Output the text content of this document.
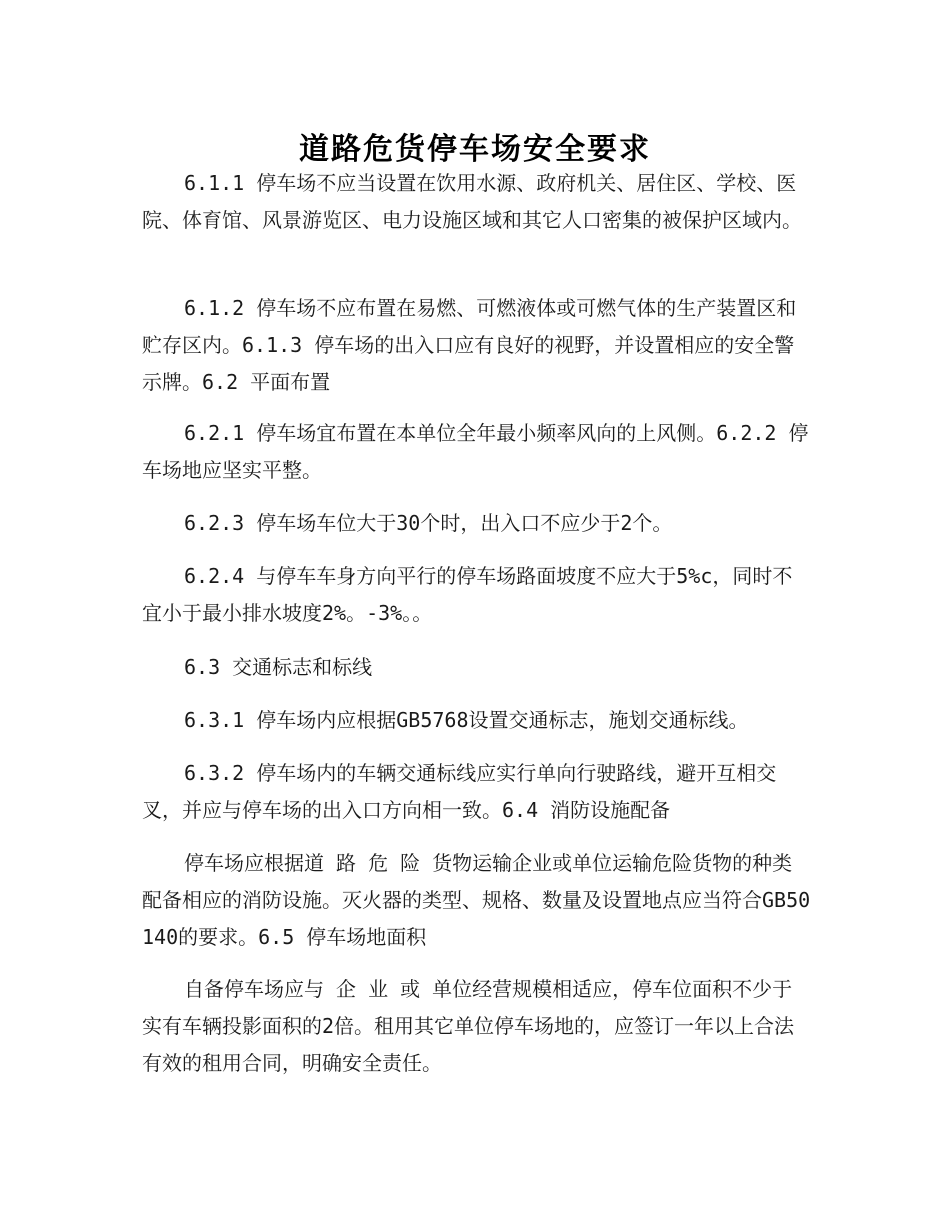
道路危货停车场安全要求

6.1.1 停车场不应当设置在饮用水源、政府机关、居住区、学校、医院、体育馆、风景游览区、电力设施区域和其它人口密集的被保护区域内。

6.1.2 停车场不应布置在易燃、可燃液体或可燃气体的生产装置区和贮存区内。6.1.3 停车场的出入口应有良好的视野，并设置相应的安全警示牌。6.2 平面布置

6.2.1 停车场宜布置在本单位全年最小频率风向的上风侧。6.2.2 停车场地应坚实平整。

6.2.3 停车场车位大于30个时，出入口不应少于2个。

6.2.4 与停车车身方向平行的停车场路面坡度不应大于5%c，同时不宜小于最小排水坡度2%。-3%。。

6.3 交通标志和标线

6.3.1 停车场内应根据GB5768设置交通标志，施划交通标线。

6.3.2 停车场内的车辆交通标线应实行单向行驶路线，避开互相交叉，并应与停车场的出入口方向相一致。6.4 消防设施配备

停车场应根据道 路 危 险 货物运输企业或单位运输危险货物的种类配备相应的消防设施。灭火器的类型、规格、数量及设置地点应当符合GB50140的要求。6.5 停车场地面积

自备停车场应与 企 业 或 单位经营规模相适应，停车位面积不少于实有车辆投影面积的2倍。租用其它单位停车场地的，应签订一年以上合法有效的租用合同，明确安全责任。
